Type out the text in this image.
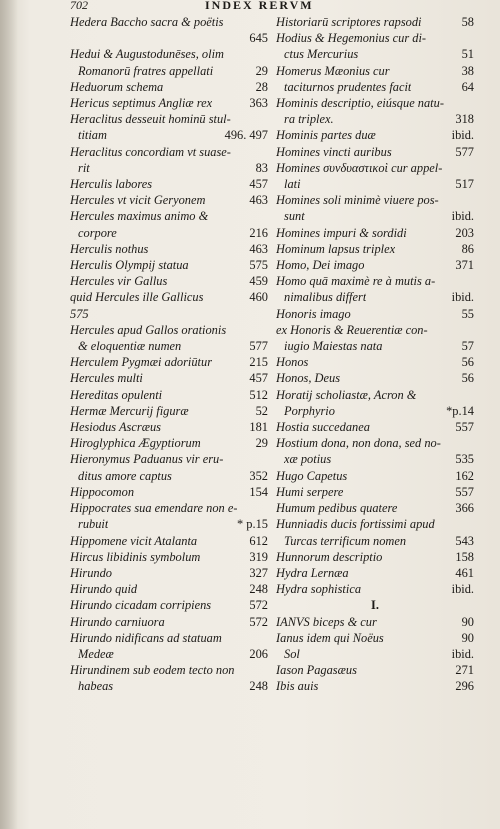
702	INDEX RERVM
Hedera Baccho sacra & poëtis
645
Hedui & Augustodunēses, olim
Romanorū fratres appellati	29
Heduorum schema	28
Hericus septimus Angliæ rex	363
Heraclitus desseuit hominū stul-
titiam	496. 497
Heraclitus concordiam vt suase-
rit	83
Herculis labores	457
Hercules vt vicit Geryonem	463
Hercules maximus animo &
corpore	216
Herculis nothus	463
Herculis Olympij statua	575
Hercules vir Gallus	459
quid Hercules ille Gallicus	460
575
Hercules apud Gallos orationis
& eloquentiæ numen	577
Herculem Pygmæi adoriūtur	215
Hercules multi	457
Hereditas opulenti	512
Hermæ Mercurij figuræ	52
Hesiodus Ascræus	181
Hiroglyphica Ægyptiorum	29
Hieronymus Paduanus vir eru-
ditus amore captus	352
Hippocomon	154
Hippocrates sua emendare non e-
rubuit	* p.15
Hippomene vicit Atalanta	612
Hircus libidinis symbolum	319
Hirundo	327
Hirundo quid	248
Hirundo cicadam corripiens	572
Hirundo carniuora	572
Hirundo nidificans ad statuam
Medeæ	206
Hirundinem sub eodem tecto non
habeas	248
Historiarū scriptores rapsodi	58
Hodius & Hegemonius cur di-
ctus Mercurius	51
Homerus Mæonius cur	38
taciturnos prudentes facit	64
Hominis descriptio, eiúsque natu-
ra triplex.	318
Hominis partes duæ	ibid.
Homines vincti auribus	577
Homines συνδυαστικοὶ cur appel-
lati	517
Homines soli minimè viuere pos-
sunt	ibid.
Homines impuri & sordidi	203
Hominum lapsus triplex	86
Homo, Dei imago	371
Homo quā maximè re à mutis a-
nimalibus differt	ibid.
Honoris imago	55
ex Honoris & Reuerentiæ con-
iugio Maiestas nata	57
Honos	56
Honos, Deus	56
Horatij scholiastæ, Acron &
Porphyrio	*p.14
Hostia succedanea	557
Hostium dona, non dona, sed no-
xæ potius	535
Hugo Capetus	162
Humi serpere	557
Humum pedibus quatere	366
Hunniadis ducis fortissimi apud
Turcas terrificum nomen	543
Hunnorum descriptio	158
Hydra Lernæa	461
Hydra sophistica	ibid.
I.
IANVS biceps & cur	90
Ianus idem qui Noëus	90
Sol	ibid.
Iason Pagasæus	271
Ibis auis	296
